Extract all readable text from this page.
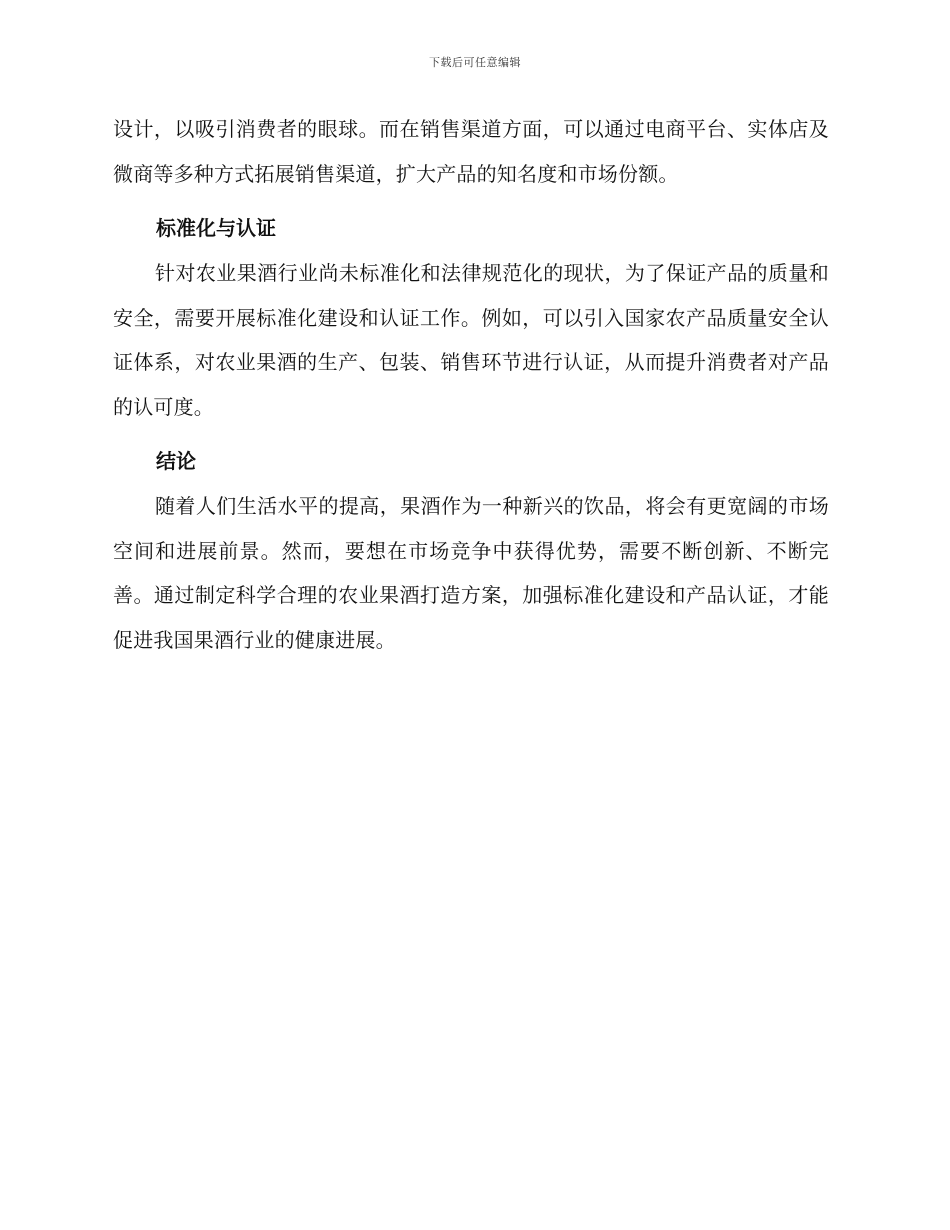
下载后可任意编辑

设计，以吸引消费者的眼球。而在销售渠道方面，可以通过电商平台、实体店及微商等多种方式拓展销售渠道，扩大产品的知名度和市场份额。

标准化与认证

针对农业果酒行业尚未标准化和法律规范化的现状，为了保证产品的质量和安全，需要开展标准化建设和认证工作。例如，可以引入国家农产品质量安全认证体系，对农业果酒的生产、包装、销售环节进行认证，从而提升消费者对产品的认可度。

结论

随着人们生活水平的提高，果酒作为一种新兴的饮品，将会有更宽阔的市场空间和进展前景。然而，要想在市场竞争中获得优势，需要不断创新、不断完善。通过制定科学合理的农业果酒打造方案，加强标准化建设和产品认证，才能促进我国果酒行业的健康进展。
